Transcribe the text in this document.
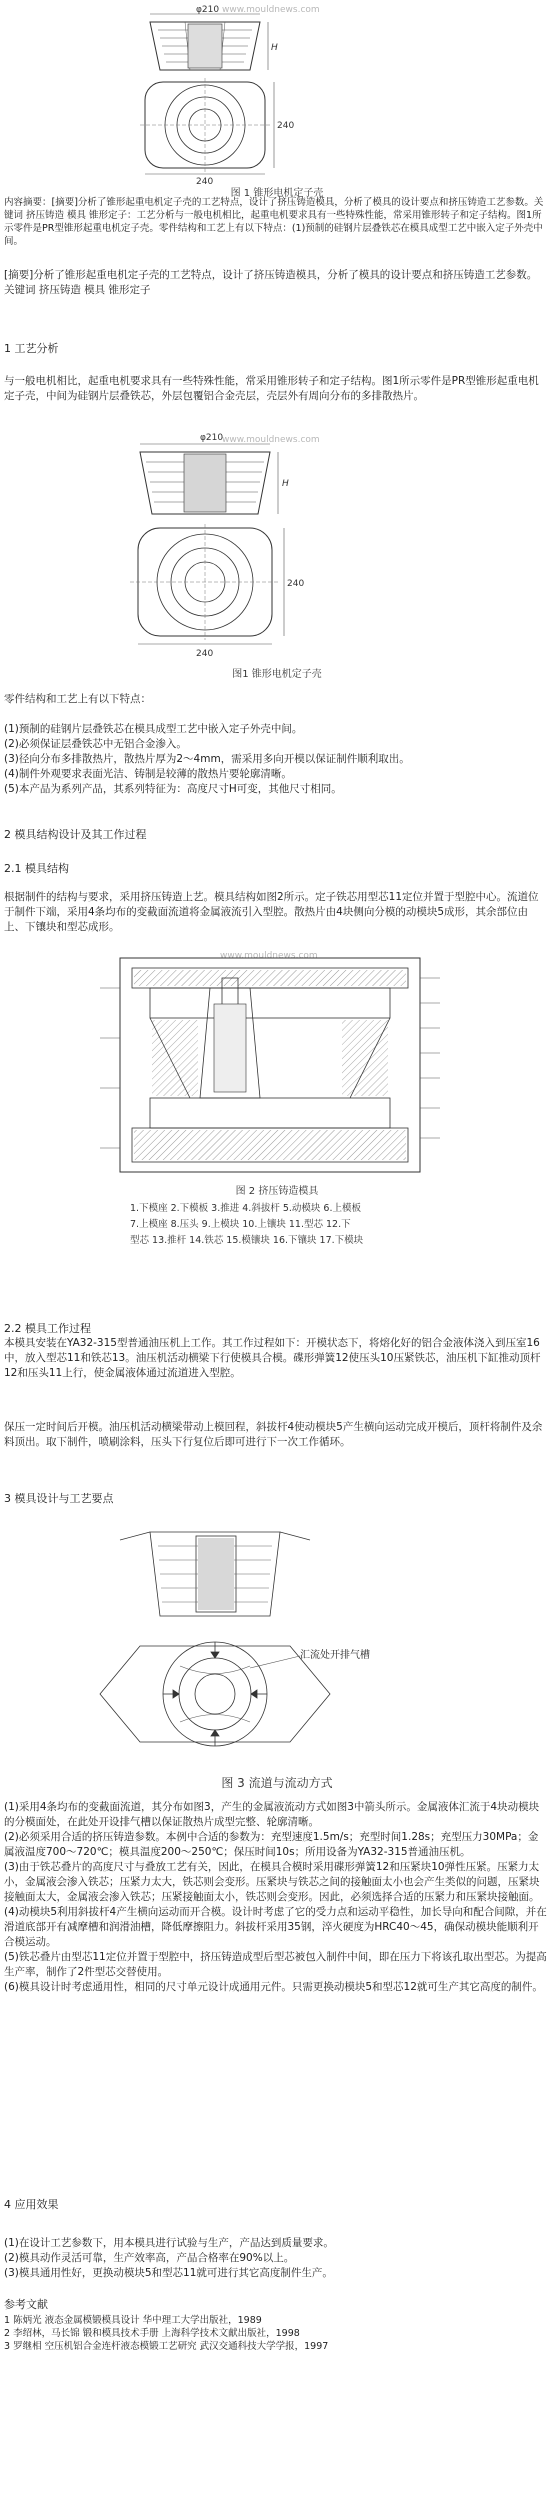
www.mouldnews.com
φ210
H
240
240
图 1 锥形电机定子壳

内容摘要：[摘要]分析了锥形起重电机定子壳的工艺特点，设计了挤压铸造模具，分析了模具的设计要点和挤压铸造工艺参数。关键词 挤压铸造 模具 锥形定子：工艺分析与一般电机相比，起重电机要求具有一些特殊性能，常采用锥形转子和定子结构。图1所示零件是PR型锥形起重电机定子壳。零件结构和工艺上有以下特点：(1)预制的硅钢片层叠铁芯在模具成型工艺中嵌入定子外壳中间。

[摘要]分析了锥形起重电机定子壳的工艺特点，设计了挤压铸造模具，分析了模具的设计要点和挤压铸造工艺参数。

关键词 挤压铸造 模具 锥形定子

1 工艺分析

与一般电机相比，起重电机要求具有一些特殊性能，常采用锥形转子和定子结构。图1所示零件是PR型锥形起重电机定子壳，中间为硅钢片层叠铁芯，外层包覆铝合金壳层，壳层外有周向分布的多排散热片。

www.mouldnews.com
φ210
H
240
240
图1 锥形电机定子壳

零件结构和工艺上有以下特点：

(1)预制的硅钢片层叠铁芯在模具成型工艺中嵌入定子外壳中间。

(2)必须保证层叠铁芯中无铝合金渗入。

(3)径向分布多排散热片，散热片厚为2～4mm，需采用多向开模以保证制件顺利取出。

(4)制件外观要求表面光洁、铸制是较薄的散热片要轮廓清晰。

(5)本产品为系列产品，其系列特征为：高度尺寸H可变，其他尺寸相同。

2 模具结构设计及其工作过程
2.1 模具结构

根据制件的结构与要求，采用挤压铸造上艺。模具结构如图2所示。定子铁芯用型芯11定位并置于型腔中心。流道位于制件下端，采用4条均布的变截面流道将金属液流引入型腔。散热片由4块侧向分模的动模块5成形，其余部位由上、下镶块和型芯成形。

www.mouldnews.com
图 2 挤压铸造模具
1.下模座 2.下模板 3.推进 4.斜拔杆 5.动模块 6.上模板
7.上模座 8.压头 9.上模块 10.上镶块 11.型芯 12.下
型芯 13.推杆 14.铁芯 15.模镶块 16.下镶块 17.下模块
2.2 模具工作过程

本模具安装在YA32-315型普通油压机上工作。其工作过程如下：开模状态下，将熔化好的铝合金液体浇入到压室16中，放入型芯11和铁芯13。油压机活动横梁下行使模具合模。碟形弹簧12使压头10压紧铁芯，油压机下缸推动顶杆12和压头11上行，使金属液体通过流道进入型腔。

保压一定时间后开模。油压机活动横梁带动上模回程，斜拔杆4使动模块5产生横向运动完成开模后，顶杆将制件及余料顶出。取下制件，喷刷涂料，压头下行复位后即可进行下一次工作循环。

3 模具设计与工艺要点
汇流处开排气槽
图 3 流道与流动方式

(1)采用4条均布的变截面流道，其分布如图3，产生的金属液流动方式如图3中箭头所示。金属液体汇流于4块动模块的分模面处，在此处开设排气槽以保证散热片成型完整、轮廓清晰。

(2)必须采用合适的挤压铸造参数。本例中合适的参数为：充型速度1.5m/s；充型时间1.28s；充型压力30MPa；金属液温度700～720℃；模具温度200～250℃；保压时间10s；所用设备为YA32-315普通油压机。

(3)由于铁芯叠片的高度尺寸与叠放工艺有关，因此，在模具合模时采用碟形弹簧12和压紧块10弹性压紧。压紧力太小，金属液会渗入铁芯；压紧力太大，铁芯则会变形。压紧块与铁芯之间的接触面太小也会产生类似的问题，压紧块接触面太大，金属液会渗入铁芯；压紧接触面太小，铁芯则会变形。因此，必须选择合适的压紧力和压紧块接触面。

(4)动模块5利用斜拔杆4产生横向运动而开合模。设计时考虑了它的受力点和运动平稳性，加长导向和配合间隙，并在滑道底部开有减摩槽和润滑油槽，降低摩擦阻力。斜拔杆采用35钢，淬火硬度为HRC40～45，确保动模块能顺利开合模运动。

(5)铁芯叠片由型芯11定位并置于型腔中，挤压铸造成型后型芯被包入制件中间，即在压力下将该孔取出型芯。为提高生产率，制作了2件型芯交替使用。

(6)模具设计时考虑通用性，相同的尺寸单元设计成通用元件。只需更换动模块5和型芯12就可生产其它高度的制件。

4 应用效果

(1)在设计工艺参数下，用本模具进行试验与生产，产品达到质量要求。

(2)模具动作灵活可靠，生产效率高，产品合格率在90%以上。

(3)模具通用性好，更换动模块5和型芯11就可进行其它高度制件生产。

参考文献

1 陈炳光 液态金属模锻模具设计 华中理工大学出版社，1989

2 李绍林，马长锦 锻和模具技术手册 上海科学技术文献出版社，1998

3 罗继相 空压机铝合金连杆液态模锻工艺研究 武汉交通科技大学学报，1997
